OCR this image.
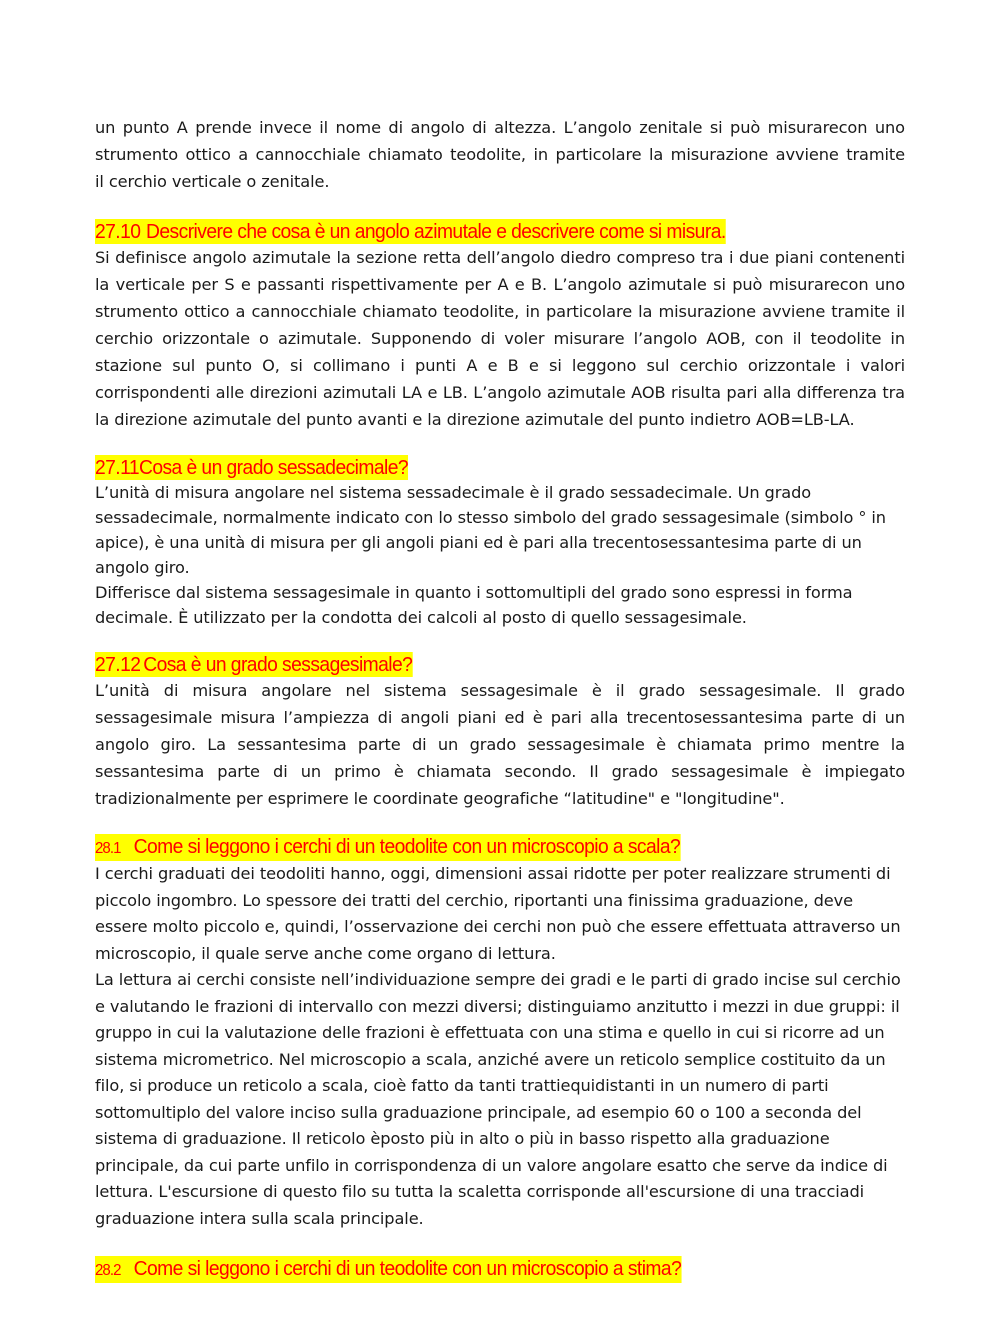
un punto A prende invece il nome di angolo di altezza. L’angolo zenitale si può misurarecon uno

strumento ottico a cannocchiale chiamato teodolite, in particolare la misurazione avviene tramite

il cerchio verticale o zenitale.

27.10 Descrivere che cosa è un angolo azimutale e descrivere come si misura.

Si definisce angolo azimutale la sezione retta dell’angolo diedro compreso tra i due piani contenenti la verticale per S e passanti rispettivamente per A e B. L’angolo azimutale si può misurarecon uno strumento ottico a cannocchiale chiamato teodolite, in particolare la misurazione avviene tramite il cerchio orizzontale o azimutale. Supponendo di voler misurare l’angolo AOB, con il teodolite in stazione sul punto O, si collimano i punti A e B e si leggono sul cerchio orizzontale i valori corrispondenti alle direzioni azimutali LA e LB. L’angolo azimutale AOB risulta pari alla differenza tra la direzione azimutale del punto avanti e la direzione azimutale del punto indietro AOB=LB-LA.

27.11Cosa è un grado sessadecimale?

L’unità di misura angolare nel sistema sessadecimale è il grado sessadecimale. Un grado sessadecimale, normalmente indicato con lo stesso simbolo del grado sessagesimale (simbolo ° in apice), è una unità di misura per gli angoli piani ed è pari alla trecentosessantesima parte di un angolo giro.

Differisce dal sistema sessagesimale in quanto i sottomultipli del grado sono espressi in forma decimale. È utilizzato per la condotta dei calcoli al posto di quello sessagesimale.

27.12 Cosa è un grado sessagesimale?

L’unità di misura angolare nel sistema sessagesimale è il grado sessagesimale. Il grado sessagesimale misura l’ampiezza di angoli piani ed è pari alla trecentosessantesima parte di un angolo giro. La sessantesima parte di un grado sessagesimale è chiamata primo mentre la sessantesima parte di un primo è chiamata secondo. Il grado sessagesimale è impiegato tradizionalmente per esprimere le coordinate geografiche “latitudine" e "longitudine".

28.1 Come si leggono i cerchi di un teodolite con un microscopio a scala?

I cerchi graduati dei teodoliti hanno, oggi, dimensioni assai ridotte per poter realizzare strumenti di piccolo ingombro. Lo spessore dei tratti del cerchio, riportanti una finissima graduazione, deve essere molto piccolo e, quindi, l’osservazione dei cerchi non può che essere effettuata attraverso un microscopio, il quale serve anche come organo di lettura.

La lettura ai cerchi consiste nell’individuazione sempre dei gradi e le parti di grado incise sul cerchio e valutando le frazioni di intervallo con mezzi diversi; distinguiamo anzitutto i mezzi in due gruppi: il gruppo in cui la valutazione delle frazioni è effettuata con una stima e quello in cui si ricorre ad un sistema micrometrico. Nel microscopio a scala, anziché avere un reticolo semplice costituito da un filo, si produce un reticolo a scala, cioè fatto da tanti trattiequidistanti in un numero di parti sottomultiplo del valore inciso sulla graduazione principale, ad esempio 60 o 100 a seconda del sistema di graduazione. Il reticolo èposto più in alto o più in basso rispetto alla graduazione principale, da cui parte unfilo in corrispondenza di un valore angolare esatto che serve da indice di lettura. L'escursione di questo filo su tutta la scaletta corrisponde all'escursione di una tracciadi graduazione intera sulla scala principale.

28.2 Come si leggono i cerchi di un teodolite con un microscopio a stima?
